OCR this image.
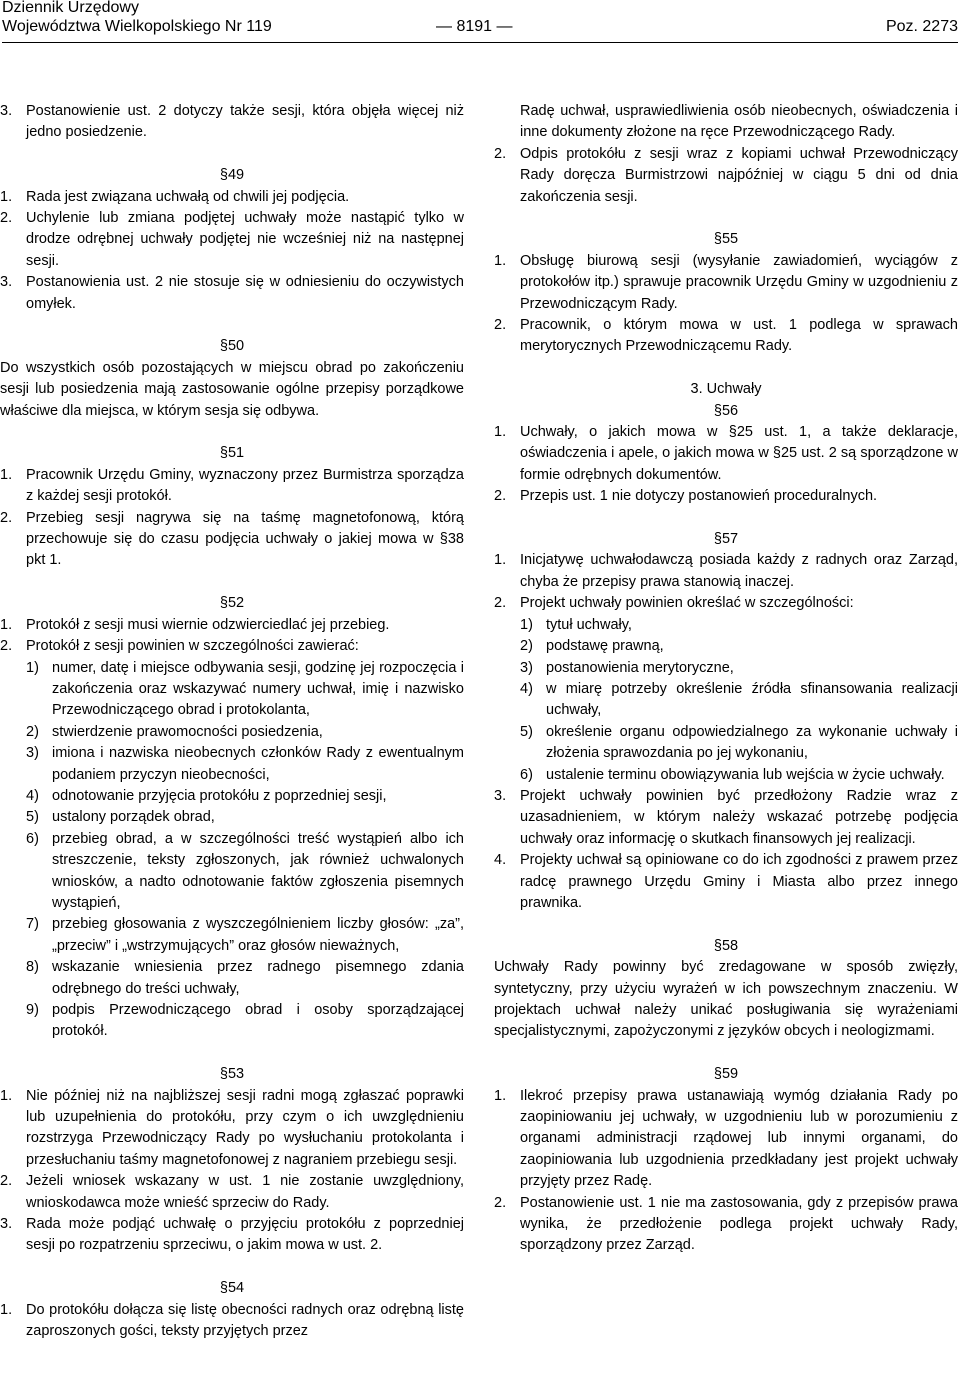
Dziennik Urzędowy
Województwa Wielkopolskiego Nr 119	— 8191 —	Poz. 2273

3. Postanowienie ust. 2 dotyczy także sesji, która objęła więcej niż jedno posiedzenie.

§49

1. Rada jest związana uchwałą od chwili jej podjęcia.

2. Uchylenie lub zmiana podjętej uchwały może nastąpić tylko w drodze odrębnej uchwały podjętej nie wcześniej niż na następnej sesji.

3. Postanowienia ust. 2 nie stosuje się w odniesieniu do oczywistych omyłek.

§50

Do wszystkich osób pozostających w miejscu obrad po zakończeniu sesji lub posiedzenia mają zastosowanie ogólne przepisy porządkowe właściwe dla miejsca, w którym sesja się odbywa.

§51

1. Pracownik Urzędu Gminy, wyznaczony przez Burmistrza sporządza z każdej sesji protokół.

2. Przebieg sesji nagrywa się na taśmę magnetofonową, którą przechowuje się do czasu podjęcia uchwały o jakiej mowa w §38 pkt 1.

§52

1. Protokół z sesji musi wiernie odzwierciedlać jej przebieg.

2. Protokół z sesji powinien w szczególności zawierać:

1) numer, datę i miejsce odbywania sesji, godzinę jej rozpoczęcia i zakończenia oraz wskazywać numery uchwał, imię i nazwisko Przewodniczącego obrad i protokolanta,

2) stwierdzenie prawomocności posiedzenia,

3) imiona i nazwiska nieobecnych członków Rady z ewentualnym podaniem przyczyn nieobecności,

4) odnotowanie przyjęcia protokółu z poprzedniej sesji,

5) ustalony porządek obrad,

6) przebieg obrad, a w szczególności treść wystąpień albo ich streszczenie, teksty zgłoszonych, jak również uchwalonych wniosków, a nadto odnotowanie faktów zgłoszenia pisemnych wystąpień,

7) przebieg głosowania z wyszczególnieniem liczby głosów: „za”, „przeciw” i „wstrzymujących” oraz głosów nieważnych,

8) wskazanie wniesienia przez radnego pisemnego zdania odrębnego do treści uchwały,

9) podpis Przewodniczącego obrad i osoby sporządzającej protokół.

§53

1. Nie później niż na najbliższej sesji radni mogą zgłaszać poprawki lub uzupełnienia do protokółu, przy czym o ich uwzględnieniu rozstrzyga Przewodniczący Rady po wysłuchaniu protokolanta i przesłuchaniu taśmy magnetofonowej z nagraniem przebiegu sesji.

2. Jeżeli wniosek wskazany w ust. 1 nie zostanie uwzględniony, wnioskodawca może wnieść sprzeciw do Rady.

3. Rada może podjąć uchwałę o przyjęciu protokółu z poprzedniej sesji po rozpatrzeniu sprzeciwu, o jakim mowa w ust. 2.

§54

1. Do protokółu dołącza się listę obecności radnych oraz odrębną listę zaproszonych gości, teksty przyjętych przez

Radę uchwał, usprawiedliwienia osób nieobecnych, oświadczenia i inne dokumenty złożone na ręce Przewodniczącego Rady.

2. Odpis protokółu z sesji wraz z kopiami uchwał Przewodniczący Rady doręcza Burmistrzowi najpóźniej w ciągu 5 dni od dnia zakończenia sesji.

§55

1. Obsługę biurową sesji (wysyłanie zawiadomień, wyciągów z protokołów itp.) sprawuje pracownik Urzędu Gminy w uzgodnieniu z Przewodniczącym Rady.

2. Pracownik, o którym mowa w ust. 1 podlega w sprawach merytorycznych Przewodniczącemu Rady.

3. Uchwały

§56

1. Uchwały, o jakich mowa w §25 ust. 1, a także deklaracje, oświadczenia i apele, o jakich mowa w §25 ust. 2 są sporządzone w formie odrębnych dokumentów.

2. Przepis ust. 1 nie dotyczy postanowień proceduralnych.

§57

1. Inicjatywę uchwałodawczą posiada każdy z radnych oraz Zarząd, chyba że przepisy prawa stanowią inaczej.

2. Projekt uchwały powinien określać w szczególności:

1) tytuł uchwały,

2) podstawę prawną,

3) postanowienia merytoryczne,

4) w miarę potrzeby określenie źródła sfinansowania realizacji uchwały,

5) określenie organu odpowiedzialnego za wykonanie uchwały i złożenia sprawozdania po jej wykonaniu,

6) ustalenie terminu obowiązywania lub wejścia w życie uchwały.

3. Projekt uchwały powinien być przedłożony Radzie wraz z uzasadnieniem, w którym należy wskazać potrzebę podjęcia uchwały oraz informację o skutkach finansowych jej realizacji.

4. Projekty uchwał są opiniowane co do ich zgodności z prawem przez radcę prawnego Urzędu Gminy i Miasta albo przez innego prawnika.

§58

Uchwały Rady powinny być zredagowane w sposób zwięzły, syntetyczny, przy użyciu wyrażeń w ich powszechnym znaczeniu. W projektach uchwał należy unikać posługiwania się wyrażeniami specjalistycznymi, zapożyczonymi z języków obcych i neologizmami.

§59

1. Ilekroć przepisy prawa ustanawiają wymóg działania Rady po zaopiniowaniu jej uchwały, w uzgodnieniu lub w porozumieniu z organami administracji rządowej lub innymi organami, do zaopiniowania lub uzgodnienia przedkładany jest projekt uchwały przyjęty przez Radę.

2. Postanowienie ust. 1 nie ma zastosowania, gdy z przepisów prawa wynika, że przedłożenie podlega projekt uchwały Rady, sporządzony przez Zarząd.
